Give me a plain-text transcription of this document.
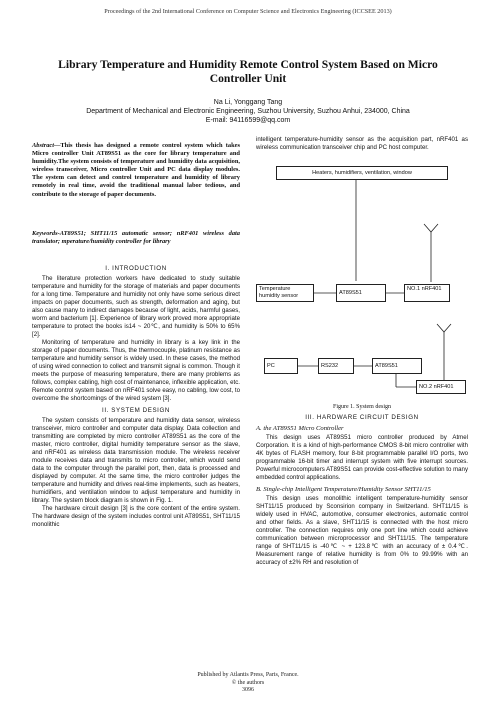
Proceedings of the 2nd International Conference on Computer Science and Electronics Engineering (ICCSEE 2013)
Library Temperature and Humidity Remote Control System Based on Micro Controller Unit
Na Li, Yonggang Tang
Department of Mechanical and Electronic Engineering, Suzhou University, Suzhou Anhui, 234000, China
E-mail: 94116599@qq.com
Abstract—This thesis has designed a remote control system which takes Micro controller Unit AT89S51 as the core for library temperature and humidity.The system consists of temperature and humidity data acquisition, wireless transceiver, Micro controller Unit and PC data display modules. The system can detect and control temperature and humidity of library remotely in real time, avoid the traditional manual labor tedious, and contribute to the storage of paper documents.
Keywords-AT89S51; SHT11/15 automatic sensor; nRF401 wireless data translator; mperature/humidity controller for library
I. INTRODUCTION

The literature protection workers have dedicated to study suitable temperature and humidity for the storage of materials and paper documents for a long time. Temperature and humidity not only have some serious direct impacts on paper documents, such as strength, deformation and aging, but also cause many to indirect damages because of light, acids, harmful gases, worm and bacterium [1]. Experience of library work proved more appropriate temperature to protect the books is14 ~ 20℃, and humidity is 50% to 65% [2].

Monitoring of temperature and humidity in library is a key link in the storage of paper documents. Thus, the thermocouple, platinum resistance as temperature and humidity sensor is widely used. In these cases, the method of using wired connection to collect and transmit signal is common. Though it meets the purpose of measuring temperature, there are many problems as follows, complex cabling, high cost of maintenance, inflexible application, etc. Remote control system based on nRF401 solve easy, no cabling, low cost, to overcome the shortcomings of the wired system [3].

II. SYSTEM DESIGN

The system consists of temperature and humidity data sensor, wireless transceiver, micro controller and computer data display. Data collection and transmitting are completed by micro controller AT89S51 as the core of the master, micro controller, digital humidity temperature sensor as the slave, and nRF401 as wireless data transmission module. The wireless receiver module receives data and transmits to micro controller, which would send data to the computer through the parallel port, then, data is processed and displayed by computer. At the same time, the micro controller judges the temperature and humidity and drives real-time implements, such as heaters, humidifiers, and ventilation window to adjust temperature and humidity in library. The system block diagram is shown in Fig. 1.

The hardware circuit design [3] is the core content of the entire system. The hardware design of the system includes control unit AT89S51, SHT11/15 monolithic

intelligent temperature-humidity sensor as the acquisition part, nRF401 as wireless communication transceiver chip and PC host computer.
Heaters, humidifiers, ventilation, window
Temperature humidity sensor	AT89S51
NO.1 nRF401
PC	RS232	AT89S51
NO.2 nRF401
Figure 1. System design
III. HARDWARE CIRCUIT DESIGN
A. the AT89S51 Micro Controller

This design uses AT89S51 micro controller produced by Atmel Corporation. It is a kind of high-performance CMOS 8-bit micro controller with 4K bytes of FLASH memory, four 8-bit programmable parallel I/O ports, two programmable 16-bit timer and interrupt system with five interrupt sources. Powerful microcomputers AT89S51 can provide cost-effective solution to many embedded control applications.

B. Single-chip Intelligent Temperature/Humidity Sensor SHT11/15

This design uses monolithic intelligent temperature-humidity sensor SHT11/15 produced by Sconsirion company in Switzerland. SHT11/15 is widely used in HVAC, automotive, consumer electronics, automatic control and other fields. As a slave, SHT11/15 is connected with the host micro controller. The connection requires only one port line which could achieve communication between microprocessor and SHT11/15. The temperature range of SHT11/15 is -40℃ ~ + 123.8℃ with an accuracy of ± 0.4℃. Measurement range of relative humidity is from 0% to 99.99% with an accuracy of ±2% RH and resolution of

Published by Atlantis Press, Paris, France.
© the authors
3096
